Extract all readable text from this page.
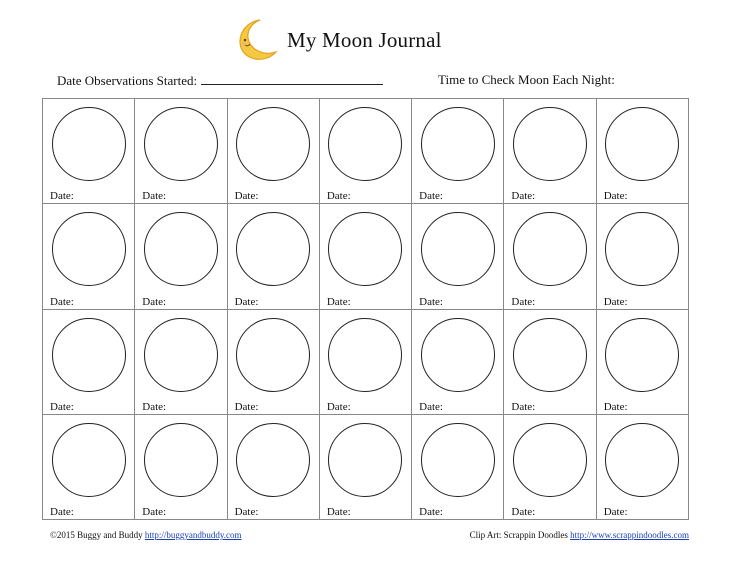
My Moon Journal
Date Observations Started:	Time to Check Moon Each Night:
Date:	Date:	Date:	Date:	Date:	Date:	Date:
Date:	Date:	Date:	Date:	Date:	Date:	Date:
Date:	Date:	Date:	Date:	Date:	Date:	Date:
Date:	Date:	Date:	Date:	Date:	Date:	Date:
©2015 Buggy and Buddy http://buggyandbuddy.com	Clip Art: Scrappin Doodles http://www.scrappindoodles.com
